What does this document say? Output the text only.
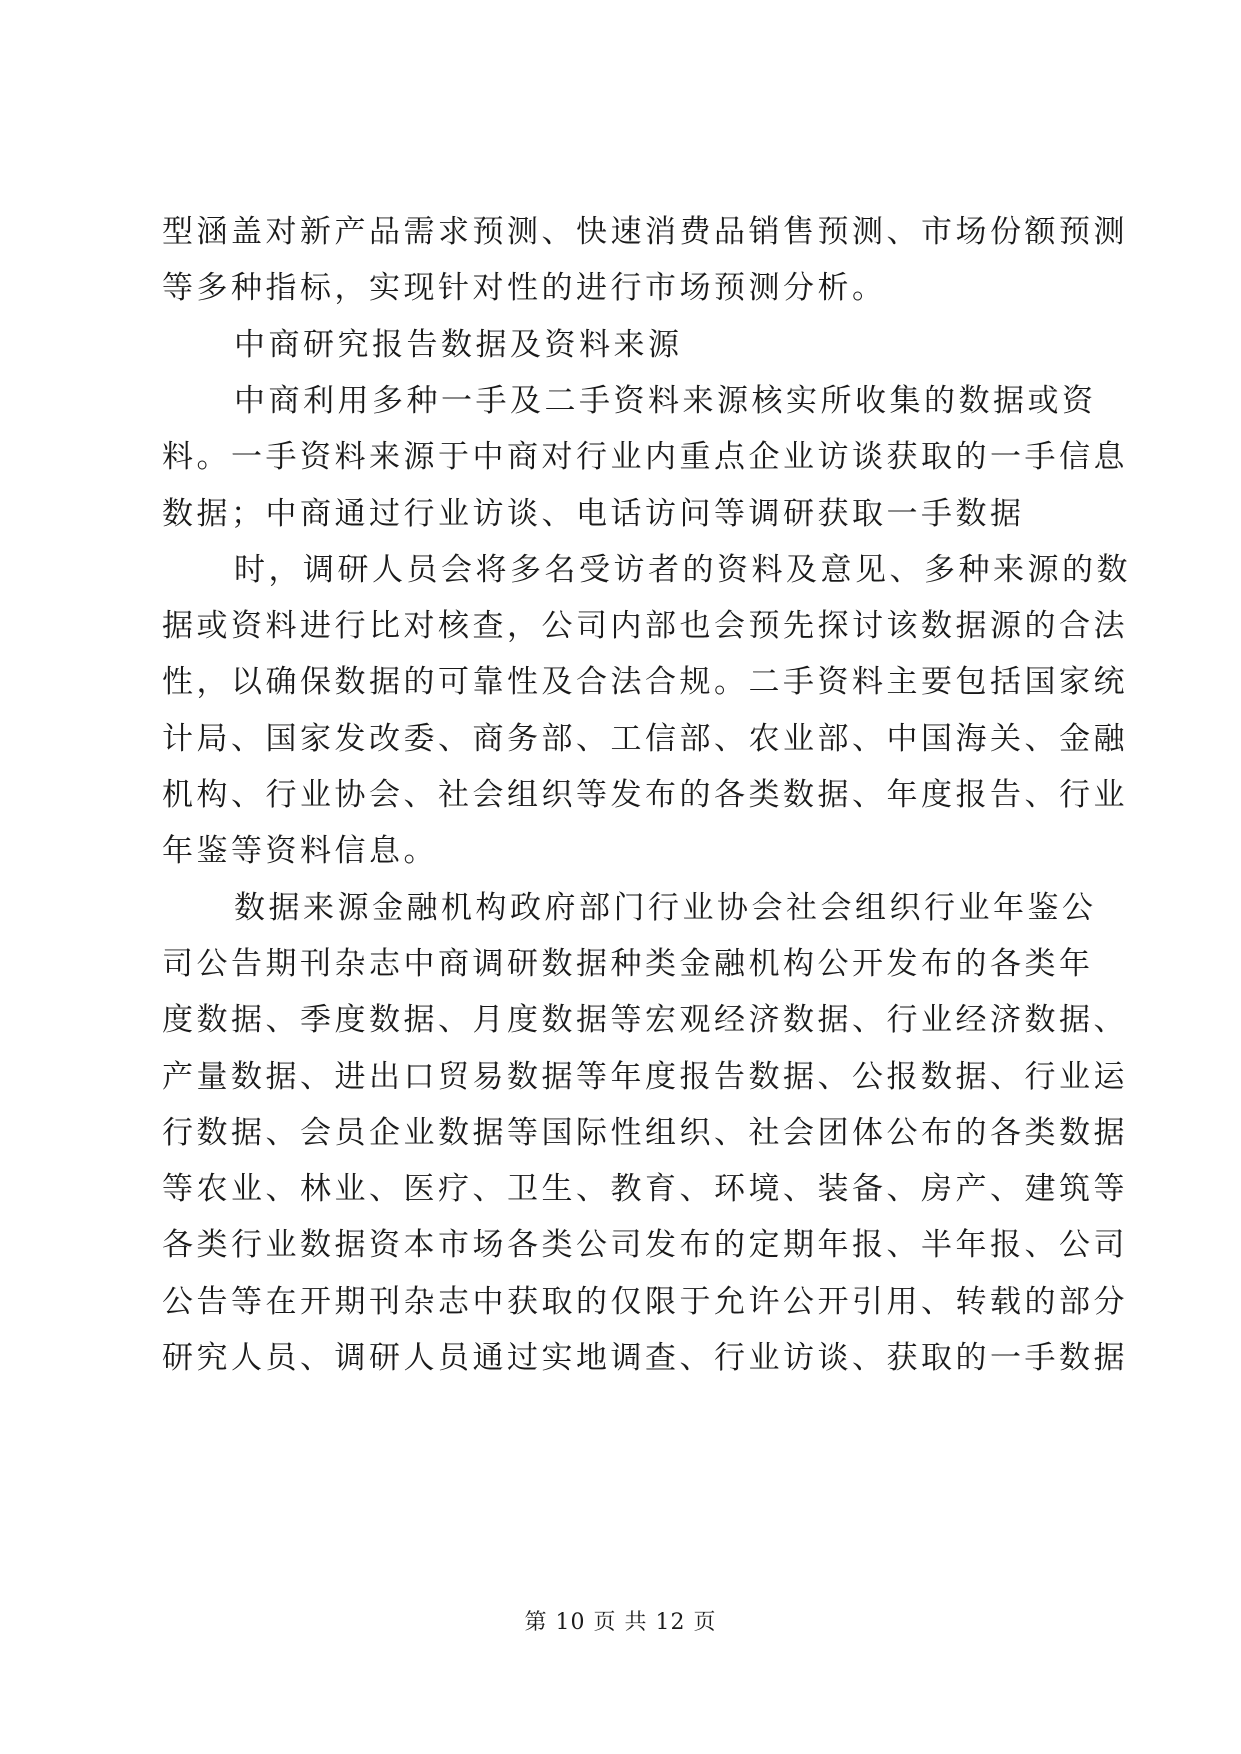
型涵盖对新产品需求预测、快速消费品销售预测、市场份额预测
等多种指标，实现针对性的进行市场预测分析。
中商研究报告数据及资料来源
中商利用多种一手及二手资料来源核实所收集的数据或资
料。一手资料来源于中商对行业内重点企业访谈获取的一手信息
数据；中商通过行业访谈、电话访问等调研获取一手数据
时，调研人员会将多名受访者的资料及意见、多种来源的数
据或资料进行比对核查，公司内部也会预先探讨该数据源的合法
性，以确保数据的可靠性及合法合规。二手资料主要包括国家统
计局、国家发改委、商务部、工信部、农业部、中国海关、金融
机构、行业协会、社会组织等发布的各类数据、年度报告、行业
年鉴等资料信息。
数据来源金融机构政府部门行业协会社会组织行业年鉴公
司公告期刊杂志中商调研数据种类金融机构公开发布的各类年
度数据、季度数据、月度数据等宏观经济数据、行业经济数据、
产量数据、进出口贸易数据等年度报告数据、公报数据、行业运
行数据、会员企业数据等国际性组织、社会团体公布的各类数据
等农业、林业、医疗、卫生、教育、环境、装备、房产、建筑等
各类行业数据资本市场各类公司发布的定期年报、半年报、公司
公告等在开期刊杂志中获取的仅限于允许公开引用、转载的部分
研究人员、调研人员通过实地调查、行业访谈、获取的一手数据
第 10 页 共 12 页
